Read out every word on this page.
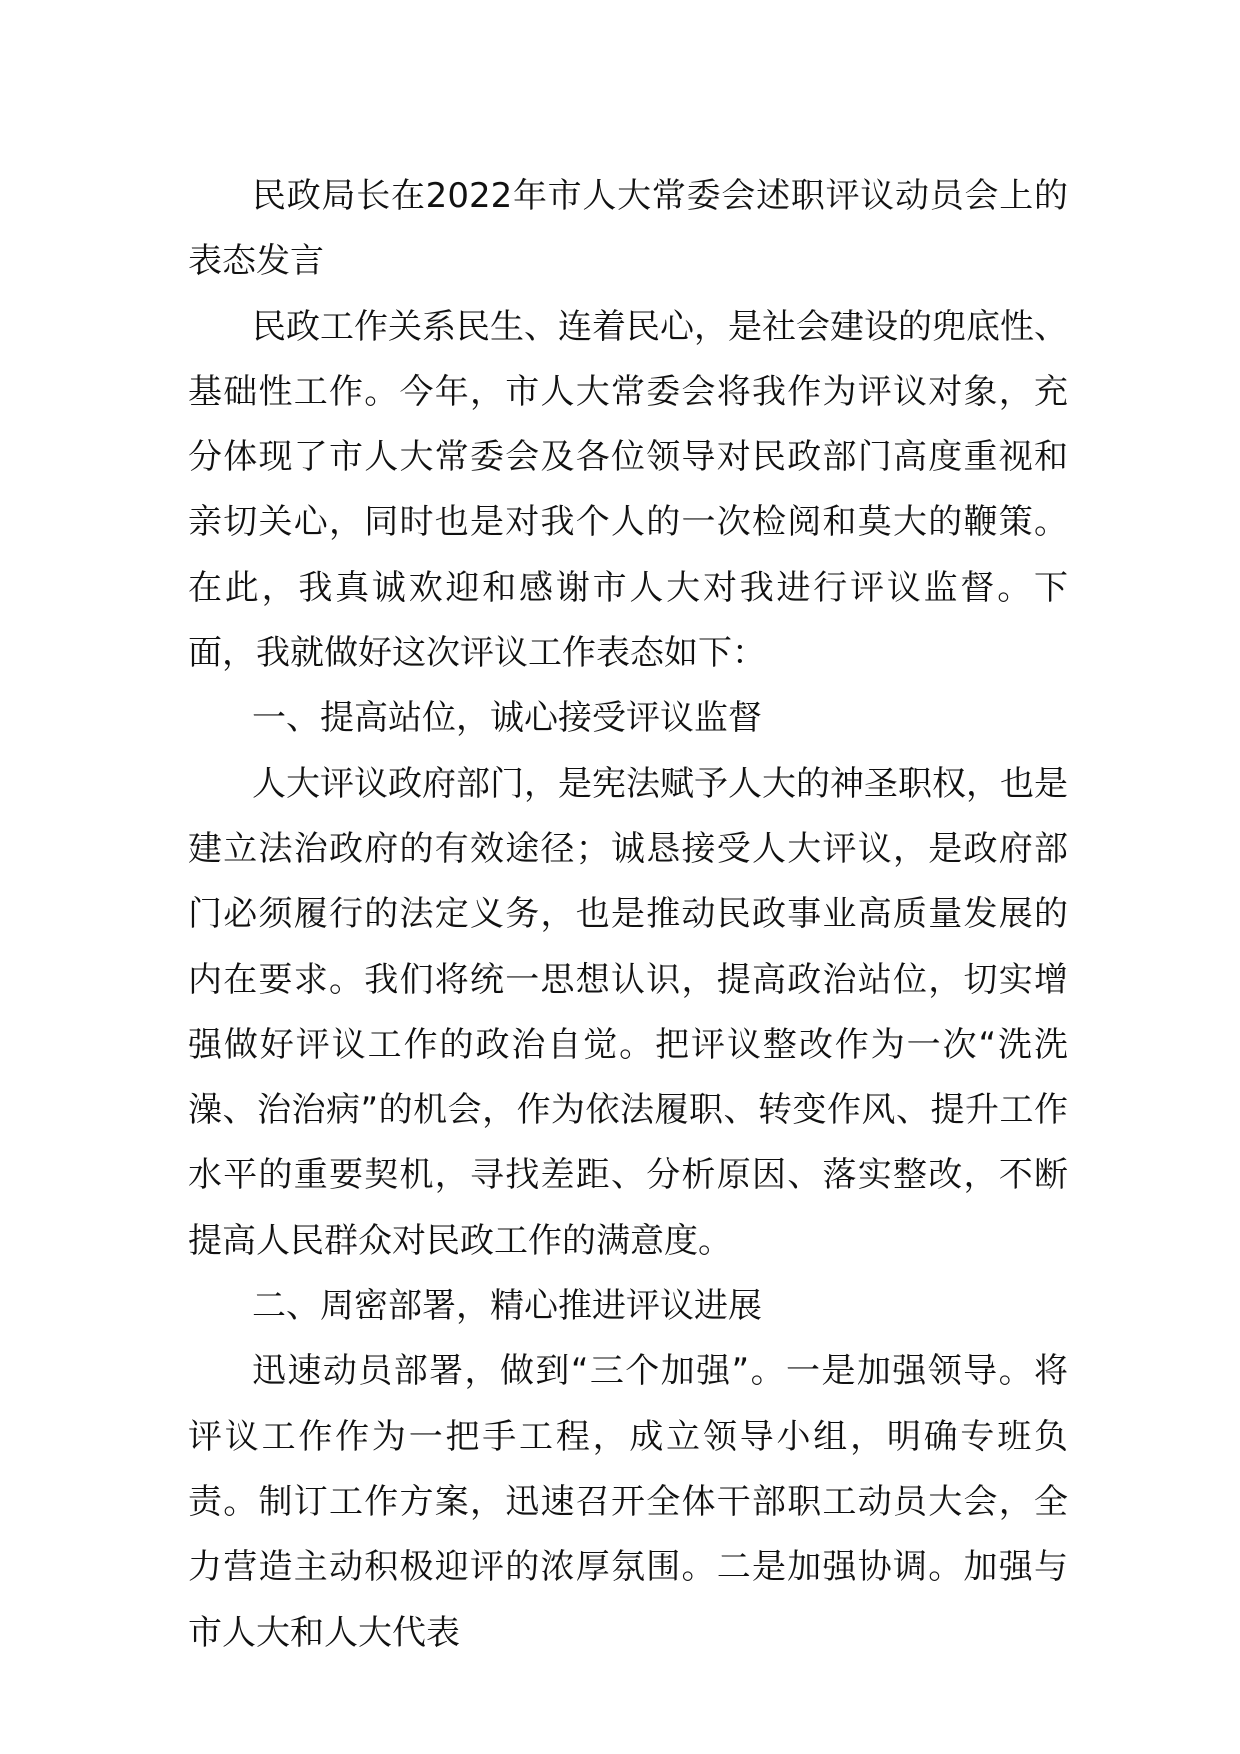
民政局长在2022年市人大常委会述职评议动员会上的表态发言

民政工作关系民生、连着民心，是社会建设的兜底性、基础性工作。今年，市人大常委会将我作为评议对象，充分体现了市人大常委会及各位领导对民政部门高度重视和亲切关心，同时也是对我个人的一次检阅和莫大的鞭策。在此，我真诚欢迎和感谢市人大对我进行评议监督。下面，我就做好这次评议工作表态如下：

一、提高站位，诚心接受评议监督

人大评议政府部门，是宪法赋予人大的神圣职权，也是建立法治政府的有效途径；诚恳接受人大评议，是政府部门必须履行的法定义务，也是推动民政事业高质量发展的内在要求。我们将统一思想认识，提高政治站位，切实增强做好评议工作的政治自觉。把评议整改作为一次“洗洗澡、治治病”的机会，作为依法履职、转变作风、提升工作水平的重要契机，寻找差距、分析原因、落实整改，不断提高人民群众对民政工作的满意度。

二、周密部署，精心推进评议进展

迅速动员部署，做到“三个加强”。一是加强领导。将评议工作作为一把手工程，成立领导小组，明确专班负责。制订工作方案，迅速召开全体干部职工动员大会，全力营造主动积极迎评的浓厚氛围。二是加强协调。加强与市人大和人大代表
